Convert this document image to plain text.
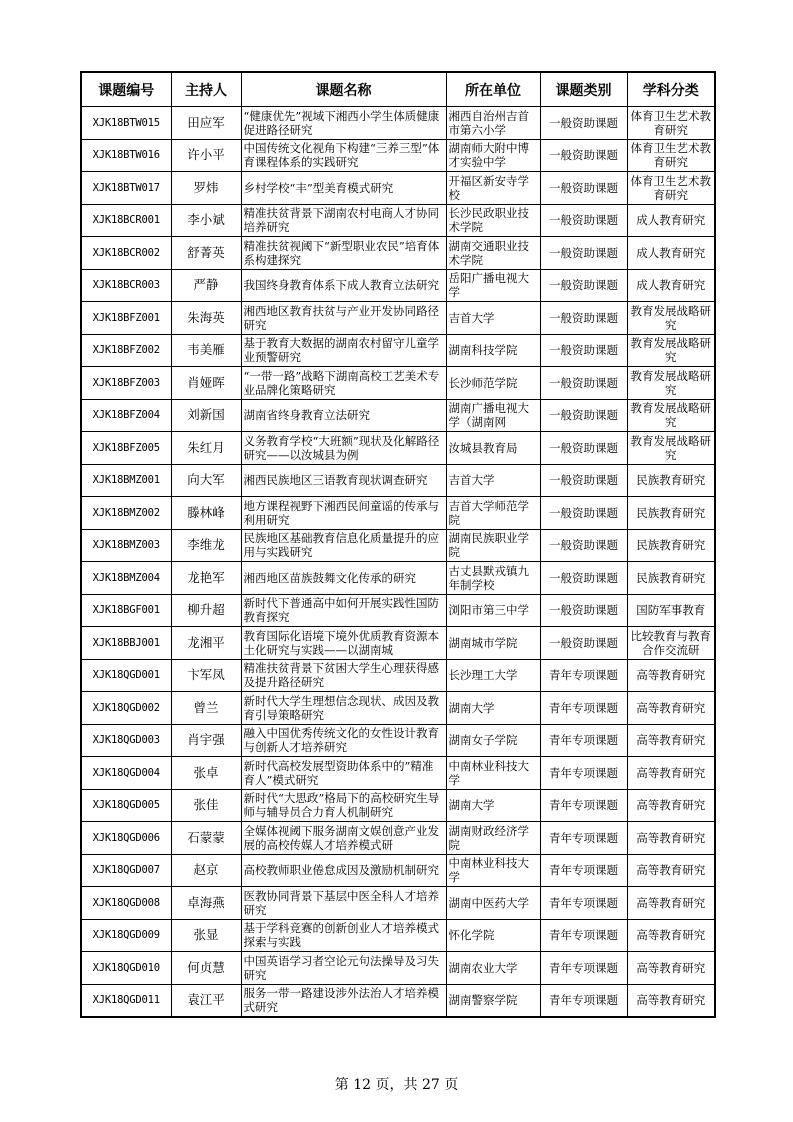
课题编号	主持人	课题名称	所在单位	课题类别	学科分类
XJK18BTW015	田应军	“健康优先”视域下湘西小学生体质健康促进路径研究	湘西自治州吉首市第六小学	一般资助课题	体育卫生艺术教育研究

XJK18BTW016	许小平	中国传统文化视角下构建“三养三型”体育课程体系的实践研究	湖南师大附中博才实验中学	一般资助课题	体育卫生艺术教育研究

XJK18BTW017	罗炜	乡村学校“丰”型美育模式研究	开福区新安寺学校	一般资助课题	体育卫生艺术教育研究

XJK18BCR001	李小斌	精准扶贫背景下湖南农村电商人才协同培养研究	长沙民政职业技术学院	一般资助课题	成人教育研究

XJK18BCR002	舒菁英	精准扶贫视阈下“新型职业农民”培育体系构建探究	湖南交通职业技术学院	一般资助课题	成人教育研究

XJK18BCR003	严静	我国终身教育体系下成人教育立法研究	岳阳广播电视大学	一般资助课题	成人教育研究

XJK18BFZ001	朱海英	湘西地区教育扶贫与产业开发协同路径研究	吉首大学	一般资助课题	教育发展战略研究

XJK18BFZ002	韦美雁	基于教育大数据的湖南农村留守儿童学业预警研究	湖南科技学院	一般资助课题	教育发展战略研究

XJK18BFZ003	肖娅晖	“一带一路”战略下湖南高校工艺美术专业品牌化策略研究	长沙师范学院	一般资助课题	教育发展战略研究

XJK18BFZ004	刘新国	湖南省终身教育立法研究	湖南广播电视大学（湖南网	一般资助课题	教育发展战略研究

XJK18BFZ005	朱红月	义务教育学校“大班额”现状及化解路径研究——以汝城县为例	汝城县教育局	一般资助课题	教育发展战略研究

XJK18BMZ001	向大军	湘西民族地区三语教育现状调查研究	吉首大学	一般资助课题	民族教育研究

XJK18BMZ002	滕林峰	地方课程视野下湘西民间童谣的传承与利用研究	吉首大学师范学院	一般资助课题	民族教育研究

XJK18BMZ003	李维龙	民族地区基础教育信息化质量提升的应用与实践研究	湖南民族职业学院	一般资助课题	民族教育研究

XJK18BMZ004	龙艳军	湘西地区苗族鼓舞文化传承的研究	古丈县默戎镇九年制学校	一般资助课题	民族教育研究

XJK18BGF001	柳升超	新时代下普通高中如何开展实践性国防教育探究	浏阳市第三中学	一般资助课题	国防军事教育

XJK18BBJ001	龙湘平	教育国际化语境下境外优质教育资源本土化研究与实践——以湖南城	湖南城市学院	一般资助课题	比较教育与教育合作交流研

XJK18QGD001	卞军凤	精准扶贫背景下贫困大学生心理获得感及提升路径研究	长沙理工大学	青年专项课题	高等教育研究

XJK18QGD002	曾兰	新时代大学生理想信念现状、成因及教育引导策略研究	湖南大学	青年专项课题	高等教育研究

XJK18QGD003	肖宇强	融入中国优秀传统文化的女性设计教育与创新人才培养研究	湖南女子学院	青年专项课题	高等教育研究

XJK18QGD004	张卓	新时代高校发展型资助体系中的”精准育人”模式研究	中南林业科技大学	青年专项课题	高等教育研究

XJK18QGD005	张佳	新时代“大思政”格局下的高校研究生导师与辅导员合力育人机制研究	湖南大学	青年专项课题	高等教育研究

XJK18QGD006	石蒙蒙	全媒体视阈下服务湖南文娱创意产业发展的高校传媒人才培养模式研	湖南财政经济学院	青年专项课题	高等教育研究

XJK18QGD007	赵京	高校教师职业倦怠成因及激励机制研究	中南林业科技大学	青年专项课题	高等教育研究

XJK18QGD008	卓海燕	医教协同背景下基层中医全科人才培养研究	湖南中医药大学	青年专项课题	高等教育研究

XJK18QGD009	张显	基于学科竞赛的创新创业人才培养模式探索与实践	怀化学院	青年专项课题	高等教育研究

XJK18QGD010	何贞慧	中国英语学习者空论元句法操导及习失研究	湖南农业大学	青年专项课题	高等教育研究

XJK18QGD011	袁江平	服务一带一路建设涉外法治人才培养模式研究	湖南警察学院	青年专项课题	高等教育研究
第 12 页，共 27 页
